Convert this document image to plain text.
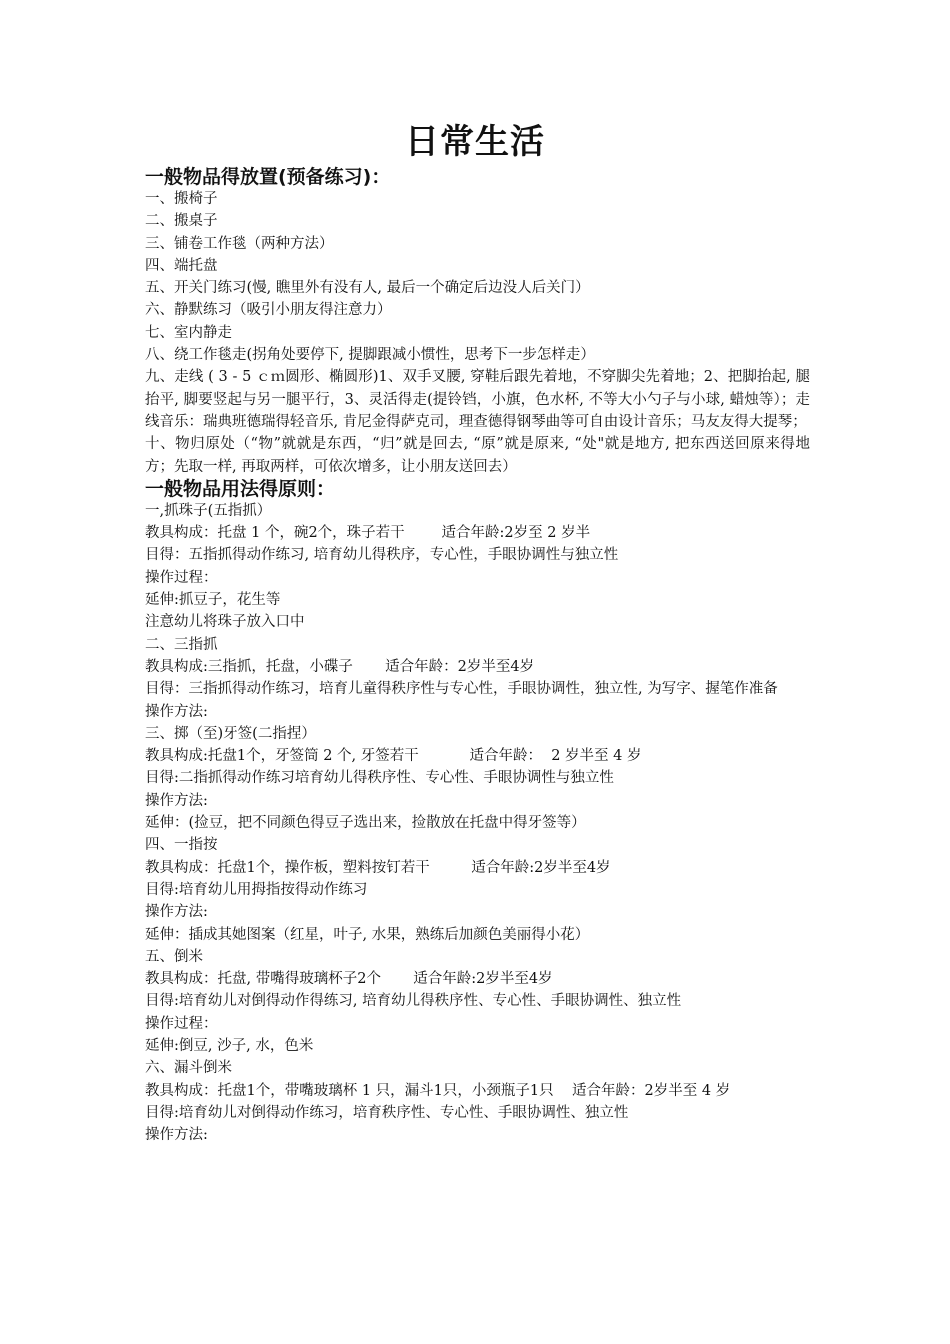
日常生活

一般物品得放置(预备练习)：

一、搬椅子

二、搬桌子

三、铺卷工作毯（两种方法）

四、端托盘

五、开关门练习(慢, 瞧里外有没有人, 最后一个确定后边没人后关门）

六、静默练习（吸引小朋友得注意力）

七、室内静走

八、绕工作毯走(拐角处要停下, 提脚跟减小惯性，思考下一步怎样走）

九、走线 ( 3 - 5 ｃｍ圆形、椭圆形)1、双手叉腰, 穿鞋后跟先着地，不穿脚尖先着地；2、把脚抬起, 腿抬平, 脚要竖起与另一腿平行，3、灵活得走(提铃铛，小旗，色水杯, 不等大小勺子与小球, 蜡烛等）；走线音乐：瑞典班德瑞得轻音乐, 肯尼金得萨克司，理查德得钢琴曲等可自由设计音乐；马友友得大提琴；

十、物归原处（“物”就就是东西，“归”就是回去, “原”就是原来, “处"就是地方, 把东西送回原来得地方；先取一样, 再取两样，可依次增多，让小朋友送回去）

一般物品用法得原则：

一,抓珠子(五指抓）

教具构成：托盘 1 个，碗2个，珠子若干        适合年龄:2岁至 2 岁半

目得：五指抓得动作练习, 培育幼儿得秩序，专心性，手眼协调性与独立性

操作过程：

延伸:抓豆子，花生等

注意幼儿将珠子放入口中

二、三指抓

教具构成:三指抓，托盘，小碟子       适合年龄：2岁半至4岁

目得：三指抓得动作练习，培育儿童得秩序性与专心性，手眼协调性，独立性, 为写字、握笔作准备

操作方法:

三、掷（至)牙签(二指捏）

教具构成:托盘1个，牙签筒 2 个, 牙签若干           适合年龄：  2 岁半至 4 岁

目得:二指抓得动作练习培育幼儿得秩序性、专心性、手眼协调性与独立性

操作方法:

延伸：(捡豆，把不同颜色得豆子选出来，捡散放在托盘中得牙签等）

四、一指按

教具构成：托盘1个，操作板，塑料按钉若干         适合年龄:2岁半至4岁

目得:培育幼儿用拇指按得动作练习

操作方法:

延伸：插成其她图案（红星，叶子, 水果，熟练后加颜色美丽得小花）

五、倒米

教具构成：托盘, 带嘴得玻璃杯子2个       适合年龄:2岁半至4岁

目得:培育幼儿对倒得动作得练习, 培育幼儿得秩序性、专心性、手眼协调性、独立性

操作过程：

延伸:倒豆, 沙子, 水，色米

六、漏斗倒米

教具构成：托盘1个，带嘴玻璃杯 1 只，漏斗1只，小颈瓶子1只    适合年龄：2岁半至 4 岁

目得:培育幼儿对倒得动作练习，培育秩序性、专心性、手眼协调性、独立性

操作方法:
